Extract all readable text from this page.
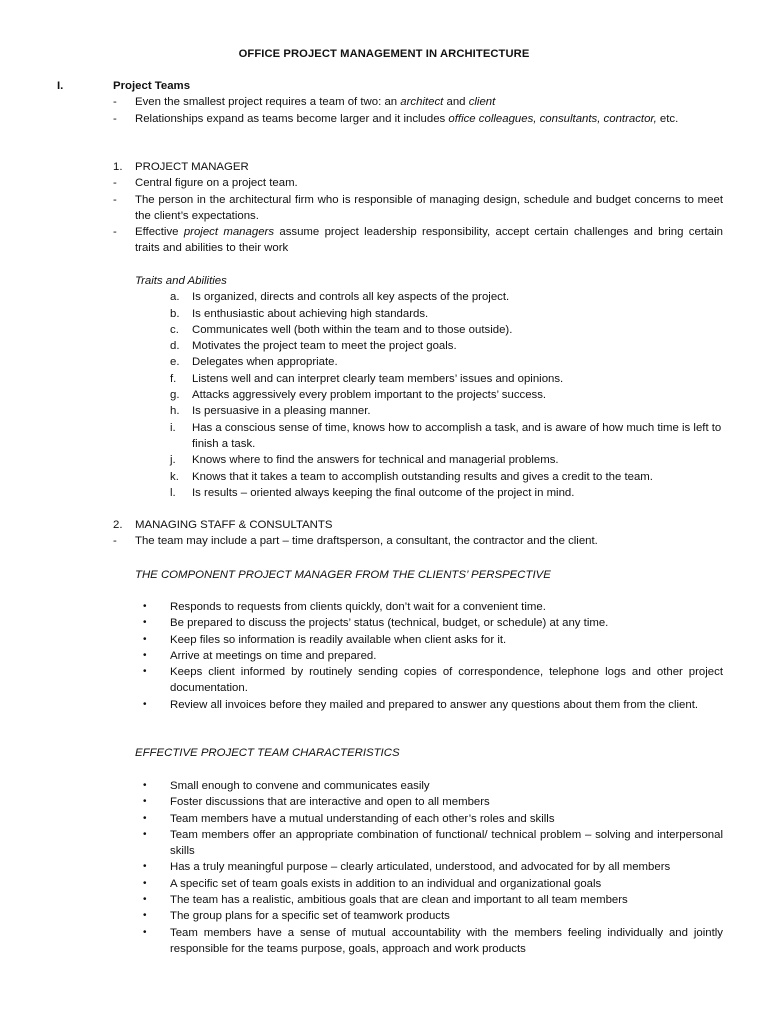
OFFICE PROJECT MANAGEMENT IN ARCHITECTURE
I.	Project Teams
- Even the smallest project requires a team of two: an architect and client
- Relationships expand as teams become larger and it includes office colleagues, consultants, contractor, etc.
1. PROJECT MANAGER
- Central figure on a project team.
- The person in the architectural firm who is responsible of managing design, schedule and budget concerns to meet the client’s expectations.
- Effective project managers assume project leadership responsibility, accept certain challenges and bring certain traits and abilities to their work
Traits and Abilities
a. Is organized, directs and controls all key aspects of the project.
b. Is enthusiastic about achieving high standards.
c. Communicates well (both within the team and to those outside).
d. Motivates the project team to meet the project goals.
e. Delegates when appropriate.
f. Listens well and can interpret clearly team members’ issues and opinions.
g. Attacks aggressively every problem important to the projects’ success.
h. Is persuasive in a pleasing manner.
i. Has a conscious sense of time, knows how to accomplish a task, and is aware of how much time is left to finish a task.
j. Knows where to find the answers for technical and managerial problems.
k. Knows that it takes a team to accomplish outstanding results and gives a credit to the team.
l. Is results – oriented always keeping the final outcome of the project in mind.
2. MANAGING STAFF & CONSULTANTS
- The team may include a part – time draftsperson, a consultant, the contractor and the client.
THE COMPONENT PROJECT MANAGER FROM THE CLIENTS’ PERSPECTIVE
• Responds to requests from clients quickly, don’t wait for a convenient time.
• Be prepared to discuss the projects’ status (technical, budget, or schedule) at any time.
• Keep files so information is readily available when client asks for it.
• Arrive at meetings on time and prepared.
• Keeps client informed by routinely sending copies of correspondence, telephone logs and other project documentation.
• Review all invoices before they mailed and prepared to answer any questions about them from the client.
EFFECTIVE PROJECT TEAM CHARACTERISTICS
• Small enough to convene and communicates easily
• Foster discussions that are interactive and open to all members
• Team members have a mutual understanding of each other’s roles and skills
• Team members offer an appropriate combination of functional/ technical problem – solving and interpersonal skills
• Has a truly meaningful purpose – clearly articulated, understood, and advocated for by all members
• A specific set of team goals exists in addition to an individual and organizational goals
• The team has a realistic, ambitious goals that are clean and important to all team members
• The group plans for a specific set of teamwork products
• Team members have a sense of mutual accountability with the members feeling individually and jointly responsible for the teams purpose, goals, approach and work products
